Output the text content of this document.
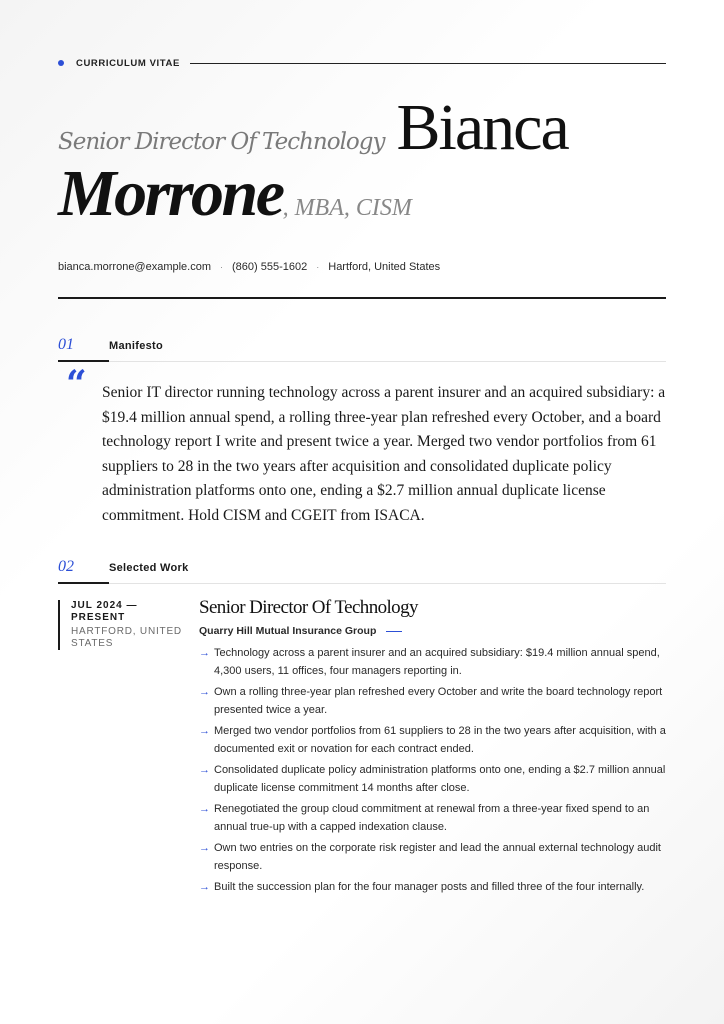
CURRICULUM VITAE
Senior Director Of Technology Bianca
Morrone , MBA, CISM
bianca.morrone@example.com · (860) 555-1602 · Hartford, United States
01	Manifesto
“ Senior IT director running technology across a parent insurer and an acquired subsidiary: a $19.4 million annual spend, a rolling three-year plan refreshed every October, and a board technology report I write and present twice a year. Merged two vendor portfolios from 61 suppliers to 28 in the two years after acquisition and consolidated duplicate policy administration platforms onto one, ending a $2.7 million annual duplicate license commitment. Hold CISM and CGEIT from ISACA.
02	Selected Work
JUL 2024 — PRESENT
HARTFORD, UNITED STATES
Senior Director Of Technology
Quarry Hill Mutual Insurance Group
→ Technology across a parent insurer and an acquired subsidiary: $19.4 million annual spend, 4,300 users, 11 offices, four managers reporting in.
→ Own a rolling three-year plan refreshed every October and write the board technology report presented twice a year.
→ Merged two vendor portfolios from 61 suppliers to 28 in the two years after acquisition, with a documented exit or novation for each contract ended.
→ Consolidated duplicate policy administration platforms onto one, ending a $2.7 million annual duplicate license commitment 14 months after close.
→ Renegotiated the group cloud commitment at renewal from a three-year fixed spend to an annual true-up with a capped indexation clause.
→ Own two entries on the corporate risk register and lead the annual external technology audit response.
→ Built the succession plan for the four manager posts and filled three of the four internally.
